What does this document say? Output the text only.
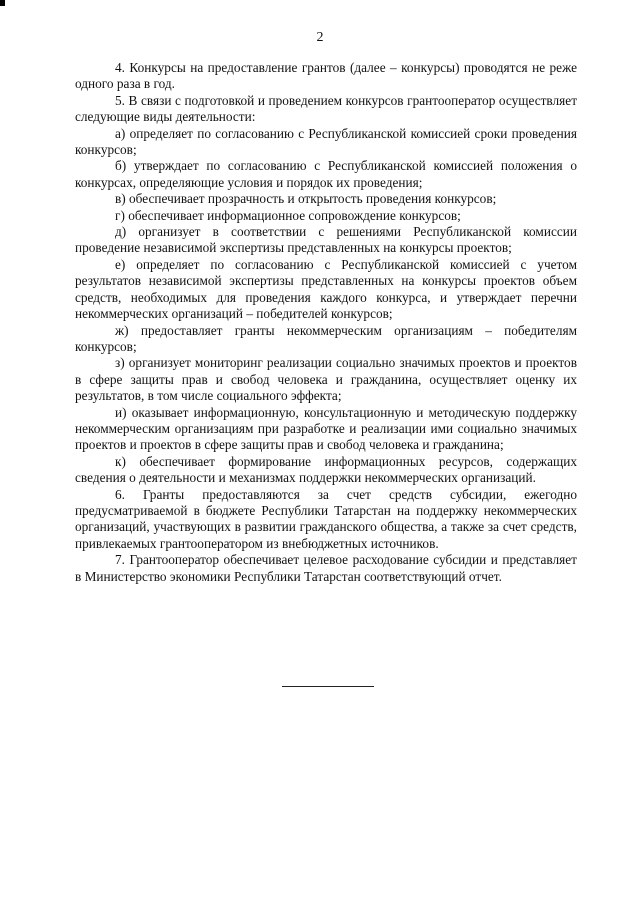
2

4. Конкурсы на предоставление грантов (далее – конкурсы) проводятся не реже одного раза в год.

5. В связи с подготовкой и проведением конкурсов грантооператор осуществляет следующие виды деятельности:

а) определяет по согласованию с Республиканской комиссией сроки проведения конкурсов;

б) утверждает по согласованию с Республиканской комиссией положения о конкурсах, определяющие условия и порядок их проведения;

в) обеспечивает прозрачность и открытость проведения конкурсов;

г) обеспечивает информационное сопровождение конкурсов;

д) организует в соответствии с решениями Республиканской комиссии проведение независимой экспертизы представленных на конкурсы проектов;

е) определяет по согласованию с Республиканской комиссией с учетом результатов независимой экспертизы представленных на конкурсы проектов объем средств, необходимых для проведения каждого конкурса, и утверждает перечни некоммерческих организаций – победителей конкурсов;

ж) предоставляет гранты некоммерческим организациям – победителям конкурсов;

з) организует мониторинг реализации социально значимых проектов и проектов в сфере защиты прав и свобод человека и гражданина, осуществляет оценку их результатов, в том числе социального эффекта;

и) оказывает информационную, консультационную и методическую поддержку некоммерческим организациям при разработке и реализации ими социально значимых проектов и проектов в сфере защиты прав и свобод человека и гражданина;

к) обеспечивает формирование информационных ресурсов, содержащих сведения о деятельности и механизмах поддержки некоммерческих организаций.

6. Гранты предоставляются за счет средств субсидии, ежегодно предусматриваемой в бюджете Республики Татарстан на поддержку некоммерческих организаций, участвующих в развитии гражданского общества, а также за счет средств, привлекаемых грантооператором из внебюджетных источников.

7. Грантооператор обеспечивает целевое расходование субсидии и представляет в Министерство экономики Республики Татарстан соответствующий отчет.
